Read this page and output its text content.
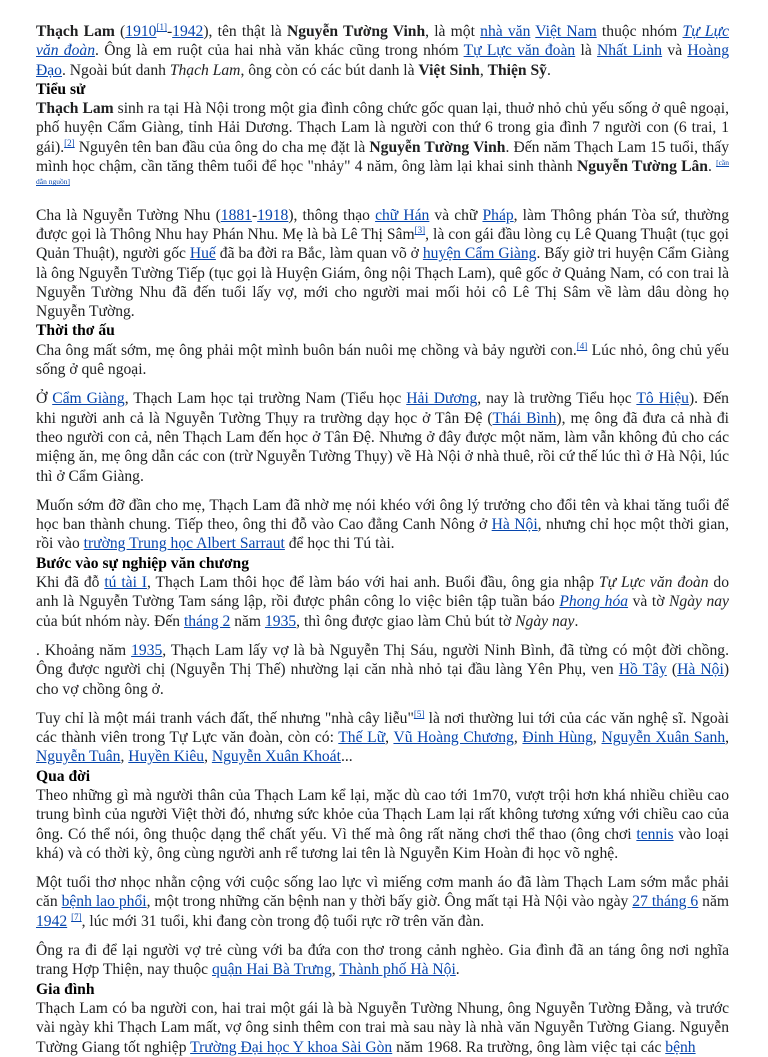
Thạch Lam (1910[1]-1942), tên thật là Nguyễn Tường Vinh, là một nhà văn Việt Nam thuộc nhóm Tự Lực văn đoàn. Ông là em ruột của hai nhà văn khác cũng trong nhóm Tự Lực văn đoàn là Nhất Linh và Hoàng Đạo. Ngoài bút danh Thạch Lam, ông còn có các bút danh là Việt Sinh, Thiện Sỹ.

Tiểu sử

Thạch Lam sinh ra tại Hà Nội trong một gia đình công chức gốc quan lại, thuở nhỏ chủ yếu sống ở quê ngoại, phố huyện Cẩm Giàng, tỉnh Hải Dương. Thạch Lam là người con thứ 6 trong gia đình 7 người con (6 trai, 1 gái).[2] Nguyên tên ban đầu của ông do cha mẹ đặt là Nguyễn Tường Vinh. Đến năm Thạch Lam 15 tuổi, thấy mình học chậm, cần tăng thêm tuổi để học "nhảy" 4 năm, ông làm lại khai sinh thành Nguyễn Tường Lân. [cần dẫn nguồn]

Cha là Nguyễn Tường Nhu (1881-1918), thông thạo chữ Hán và chữ Pháp, làm Thông phán Tòa sứ, thường được gọi là Thông Nhu hay Phán Nhu. Mẹ là bà Lê Thị Sâm[3], là con gái đầu lòng cụ Lê Quang Thuật (tục gọi Quản Thuật), người gốc Huế đã ba đời ra Bắc, làm quan võ ở huyện Cẩm Giàng. Bấy giờ tri huyện Cẩm Giàng là ông Nguyễn Tường Tiếp (tục gọi là Huyện Giám, ông nội Thạch Lam), quê gốc ở Quảng Nam, có con trai là Nguyễn Tường Nhu đã đến tuổi lấy vợ, mới cho người mai mối hỏi cô Lê Thị Sâm về làm dâu dòng họ Nguyễn Tường.

Thời thơ ấu

Cha ông mất sớm, mẹ ông phải một mình buôn bán nuôi mẹ chồng và bảy người con.[4] Lúc nhỏ, ông chủ yếu sống ở quê ngoại.

Ở Cẩm Giàng, Thạch Lam học tại trường Nam (Tiểu học Hải Dương, nay là trường Tiểu học Tô Hiệu). Đến khi người anh cả là Nguyễn Tường Thụy ra trường dạy học ở Tân Đệ (Thái Bình), mẹ ông đã đưa cả nhà đi theo người con cả, nên Thạch Lam đến học ở Tân Đệ. Nhưng ở đây được một năm, làm vẫn không đủ cho các miệng ăn, mẹ ông dẫn các con (trừ Nguyễn Tường Thụy) về Hà Nội ở nhà thuê, rồi cứ thế lúc thì ở Hà Nội, lúc thì ở Cẩm Giàng.

Muốn sớm đỡ đần cho mẹ, Thạch Lam đã nhờ mẹ nói khéo với ông lý trưởng cho đổi tên và khai tăng tuổi để học ban thành chung. Tiếp theo, ông thi đỗ vào Cao đẳng Canh Nông ở Hà Nội, nhưng chỉ học một thời gian, rồi vào trường Trung học Albert Sarraut để học thi Tú tài.

Bước vào sự nghiệp văn chương

Khi đã đỗ tú tài I, Thạch Lam thôi học để làm báo với hai anh. Buổi đầu, ông gia nhập Tự Lực văn đoàn do anh là Nguyễn Tường Tam sáng lập, rồi được phân công lo việc biên tập tuần báo Phong hóa và tờ Ngày nay của bút nhóm này. Đến tháng 2 năm 1935, thì ông được giao làm Chủ bút tờ Ngày nay.

. Khoảng năm 1935, Thạch Lam lấy vợ là bà Nguyễn Thị Sáu, người Ninh Bình, đã từng có một đời chồng. Ông được người chị (Nguyễn Thị Thế) nhường lại căn nhà nhỏ tại đầu làng Yên Phụ, ven Hồ Tây (Hà Nội) cho vợ chồng ông ở.

Tuy chỉ là một mái tranh vách đất, thế nhưng "nhà cây liễu"[5] là nơi thường lui tới của các văn nghệ sĩ. Ngoài các thành viên trong Tự Lực văn đoàn, còn có: Thế Lữ, Vũ Hoàng Chương, Đinh Hùng, Nguyễn Xuân Sanh, Nguyễn Tuân, Huyền Kiêu, Nguyễn Xuân Khoát...

Qua đời

Theo những gì mà người thân của Thạch Lam kể lại, mặc dù cao tới 1m70, vượt trội hơn khá nhiều chiều cao trung bình của người Việt thời đó, nhưng sức khỏe của Thạch Lam lại rất không tương xứng với chiều cao của ông. Có thể nói, ông thuộc dạng thể chất yếu. Vì thế mà ông rất năng chơi thể thao (ông chơi tennis vào loại khá) và có thời kỳ, ông cùng người anh rể tương lai tên là Nguyễn Kim Hoàn đi học võ nghệ.

Một tuổi thơ nhọc nhằn cộng với cuộc sống lao lực vì miếng cơm manh áo đã làm Thạch Lam sớm mắc phải căn bệnh lao phổi, một trong những căn bệnh nan y thời bấy giờ. Ông mất tại Hà Nội vào ngày 27 tháng 6 năm 1942 [7], lúc mới 31 tuổi, khi đang còn trong độ tuổi rực rỡ trên văn đàn.

Ông ra đi để lại người vợ trẻ cùng với ba đứa con thơ trong cảnh nghèo. Gia đình đã an táng ông nơi nghĩa trang Hợp Thiện, nay thuộc quận Hai Bà Trưng, Thành phố Hà Nội.

Gia đình

Thạch Lam có ba người con, hai trai một gái là bà Nguyễn Tường Nhung, ông Nguyễn Tường Đằng, và trước vài ngày khi Thạch Lam mất, vợ ông sinh thêm con trai mà sau này là nhà văn Nguyễn Tường Giang. Nguyễn Tường Giang tốt nghiệp Trường Đại học Y khoa Sài Gòn năm 1968. Ra trường, ông làm việc tại các bệnh
